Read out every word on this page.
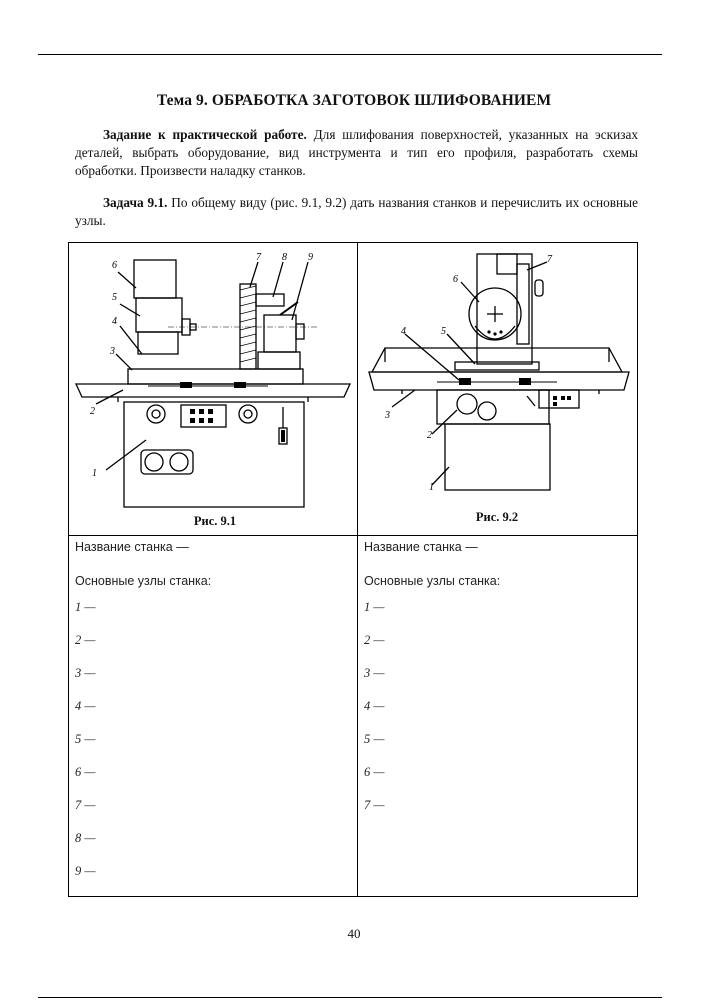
Тема 9. ОБРАБОТКА ЗАГОТОВОК ШЛИФОВАНИЕМ
Задание к практической работе. Для шлифования поверхностей, указанных на эскизах деталей, выбрать оборудование, вид инструмента и тип его профиля, разработать схемы обработки. Произвести наладку станков.
Задача 9.1. По общему виду (рис. 9.1, 9.2) дать названия станков и перечислить их основные узлы.
1
2
3
4
5
6
7 8 9
Рис. 9.1
1
2
3
4	5
6
7
Рис. 9.2
Название станка —
Основные узлы станка:
1 —
2 —
3 —
4 —
5 —
6 —
7 —
8 —
9 —
Название станка —
Основные узлы станка:
1 —
2 —
3 —
4 —
5 —
6 —
7 —
40
